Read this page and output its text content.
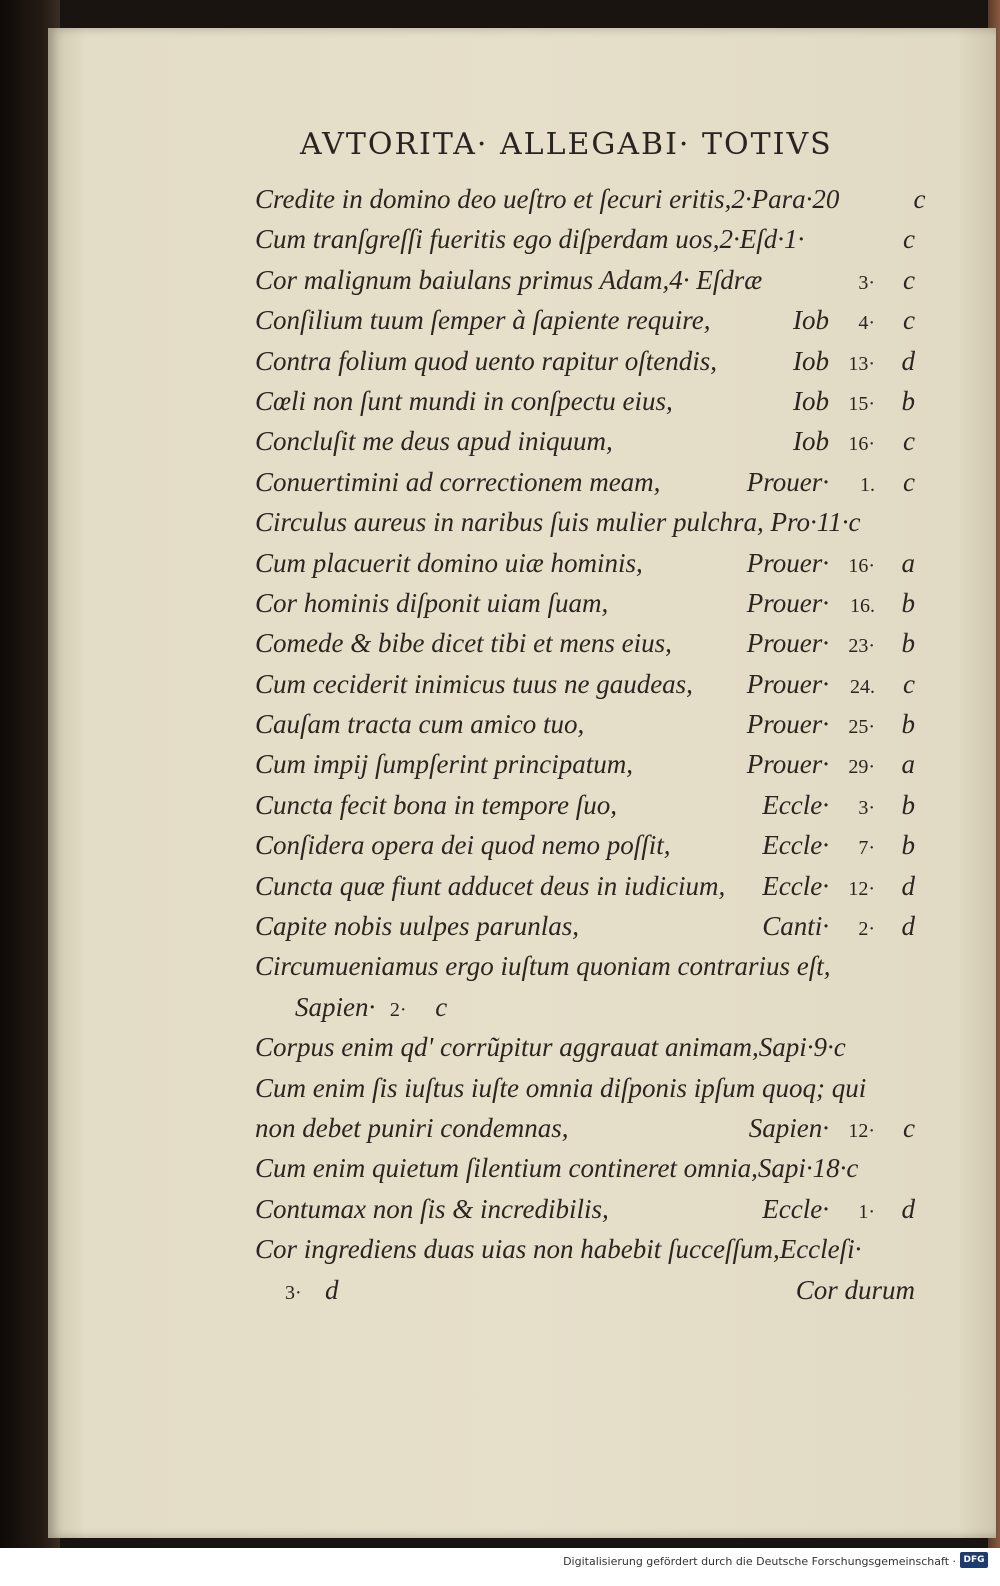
AVTORITA· ALLEGABI· TOTIVS
Credite in domino deo ueſtro et ſecuri eritis,2·Para·20	c
Cum tranſgreſſi fueritis ego diſperdam uos,2·Eſd·1·	c
Cor malignum baiulans primus Adam,4· Eſdræ	3·	c
Conſilium tuum ſemper à ſapiente require,	Iob	4·	c
Contra folium quod uento rapitur oſtendis,	Iob 13· d
Cœli non ſunt mundi in conſpectu eius,	Iob 15· b
Concluſit me deus apud iniquum,	Iob 16·	c
Conuertimini ad correctionem meam,	Prouer·	1.	c
Circulus aureus in naribus ſuis mulier pulchra, Pro·11·c
Cum placuerit domino uiæ hominis,	Prouer· 16· a
Cor hominis diſponit uiam ſuam,	Prouer·	16. b
Comede & bibe dicet tibi et mens eius,	Prouer· 23· b
Cum ceciderit inimicus tuus ne gaudeas, Prouer·	24.	c
Cauſam tracta cum amico tuo,	Prouer· 25· b
Cum impij ſumpſerint principatum,	Prouer· 29· a
Cuncta fecit bona in tempore ſuo,	Eccle·	3· b
Conſidera opera dei quod nemo poſſit,	Eccle·	7· b
Cuncta quæ fiunt adducet deus in iudicium, Eccle· 12· d
Capite nobis uulpes parunlas,	Canti·	2· d
Circumueniamus ergo iuſtum quoniam contrarius eſt,
Sapien· 2·	c
Corpus enim qd' corrũpitur aggrauat animam,Sapi·9·c
Cum enim ſis iuſtus iuſte omnia diſponis ipſum quoq; qui
non debet puniri condemnas,	Sapien· 12·	c
Cum enim quietum ſilentium contineret omnia,Sapi·18·c
Contumax non ſis & incredibilis,	Eccle·	1· d
Cor ingrediens duas uias non habebit ſucceſſum,Eccleſi·
3· d	Cor durum
Digitalisierung gefördert durch die Deutsche Forschungsgemeinschaft · DFG
